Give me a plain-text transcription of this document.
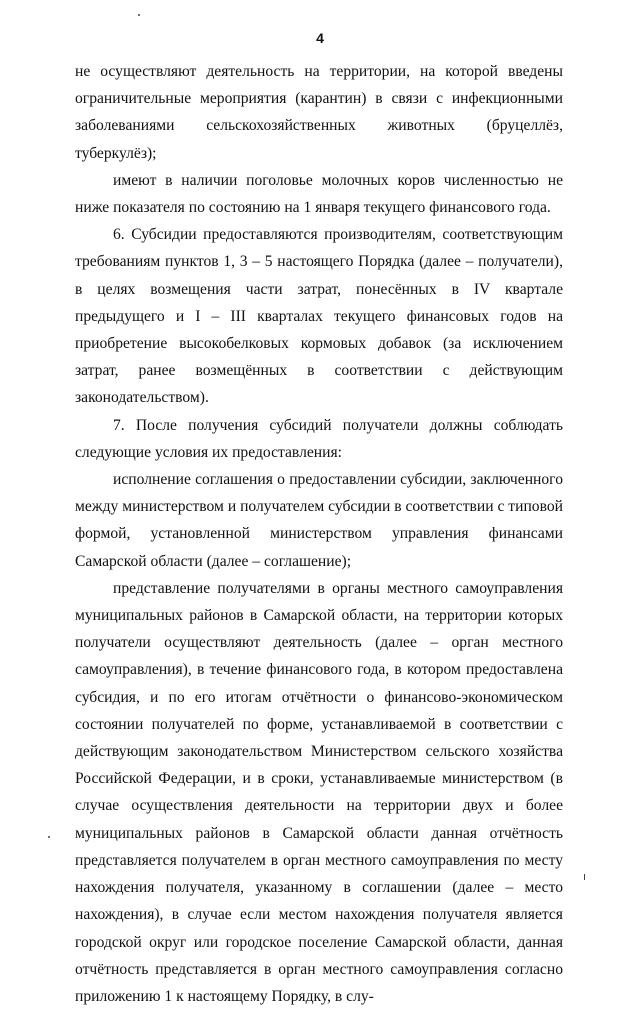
4

не осуществляют деятельность на территории, на которой введены ограничительные мероприятия (карантин) в связи с инфекционными заболеваниями сельскохозяйственных животных (бруцеллёз, туберкулёз);

имеют в наличии поголовье молочных коров численностью не ниже показателя по состоянию на 1 января текущего финансового года.

6. Субсидии предоставляются производителям, соответствующим требованиям пунктов 1, 3 – 5 настоящего Порядка (далее – получатели), в целях возмещения части затрат, понесённых в IV квартале предыдущего и I – III кварталах текущего финансовых годов на приобретение высокобелковых кормовых добавок (за исключением затрат, ранее возмещённых в соответствии с действующим законодательством).

7. После получения субсидий получатели должны соблюдать следующие условия их предоставления:

исполнение соглашения о предоставлении субсидии, заключенного между министерством и получателем субсидии в соответствии с типовой формой, установленной министерством управления финансами Самарской области (далее – соглашение);

представление получателями в органы местного самоуправления муниципальных районов в Самарской области, на территории которых получатели осуществляют деятельность (далее – орган местного самоуправления), в течение финансового года, в котором предоставлена субсидия, и по его итогам отчётности о финансово-экономическом состоянии получателей по форме, устанавливаемой в соответствии с действующим законодательством Министерством сельского хозяйства Российской Федерации, и в сроки, устанавливаемые министерством (в случае осуществления деятельности на территории двух и более муниципальных районов в Самарской области данная отчётность представляется получателем в орган местного самоуправления по месту нахождения получателя, указанному в соглашении (далее – место нахождения), в случае если местом нахождения получателя является городской округ или городское поселение Самарской области, данная отчётность представляется в орган местного самоуправления согласно приложению 1 к настоящему Порядку, в слу-
